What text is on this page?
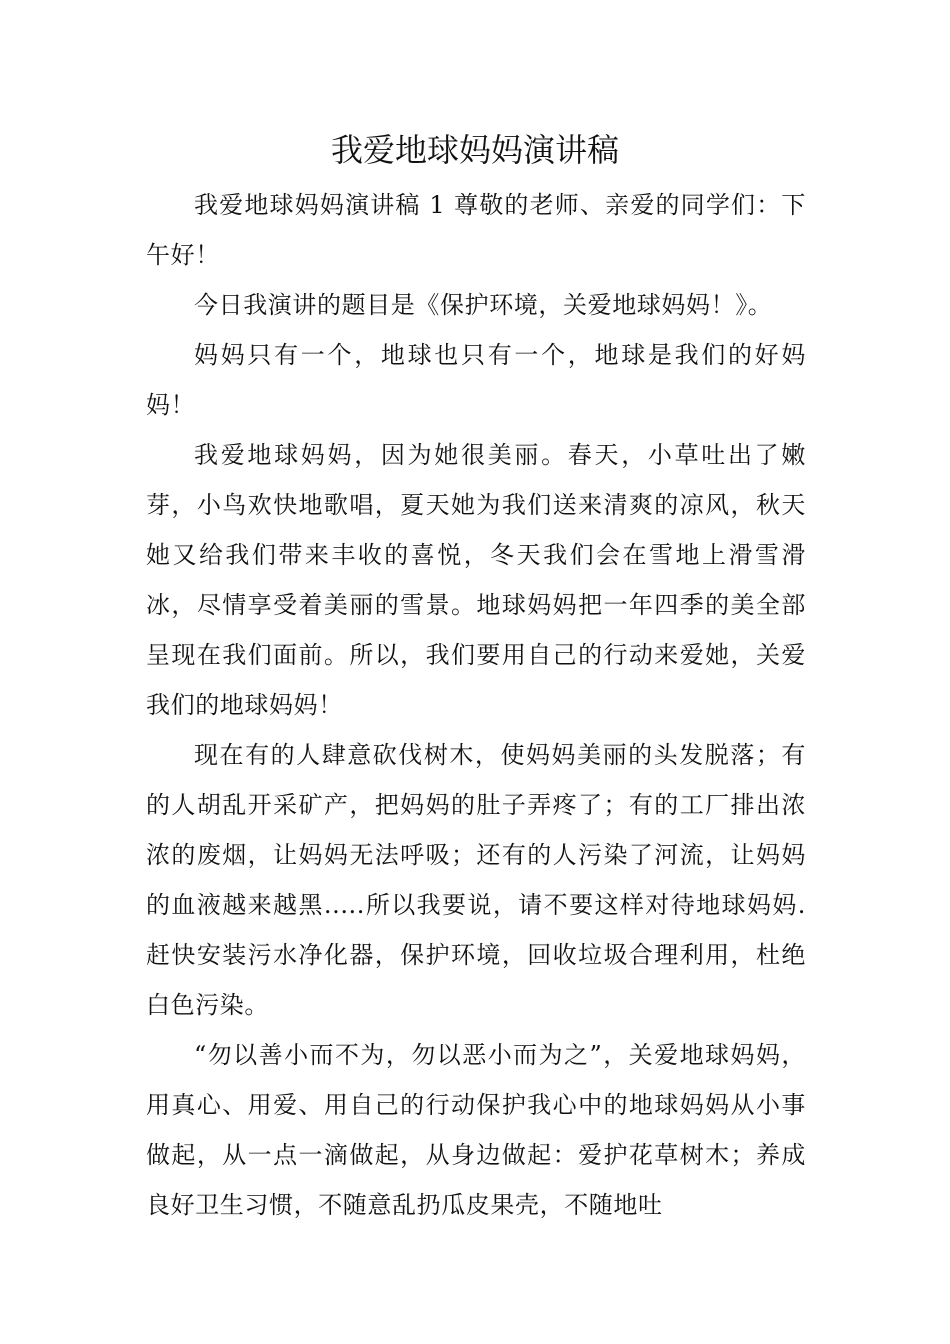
我爱地球妈妈演讲稿

我爱地球妈妈演讲稿 1 尊敬的老师、亲爱的同学们：下午好！

今日我演讲的题目是《保护环境，关爱地球妈妈！》。

妈妈只有一个，地球也只有一个，地球是我们的好妈妈！

我爱地球妈妈，因为她很美丽。春天，小草吐出了嫩芽，小鸟欢快地歌唱，夏天她为我们送来清爽的凉风，秋天她又给我们带来丰收的喜悦，冬天我们会在雪地上滑雪滑冰，尽情享受着美丽的雪景。地球妈妈把一年四季的美全部呈现在我们面前。所以，我们要用自己的行动来爱她，关爱我们的地球妈妈！

现在有的人肆意砍伐树木，使妈妈美丽的头发脱落；有的人胡乱开采矿产，把妈妈的肚子弄疼了；有的工厂排出浓浓的废烟，让妈妈无法呼吸；还有的人污染了河流，让妈妈的血液越来越黑.....所以我要说，请不要这样对待地球妈妈.赶快安装污水净化器，保护环境，回收垃圾合理利用，杜绝白色污染。

“勿以善小而不为，勿以恶小而为之”，关爱地球妈妈，用真心、用爱、用自己的行动保护我心中的地球妈妈从小事做起，从一点一滴做起，从身边做起：爱护花草树木；养成良好卫生习惯，不随意乱扔瓜皮果壳，不随地吐
